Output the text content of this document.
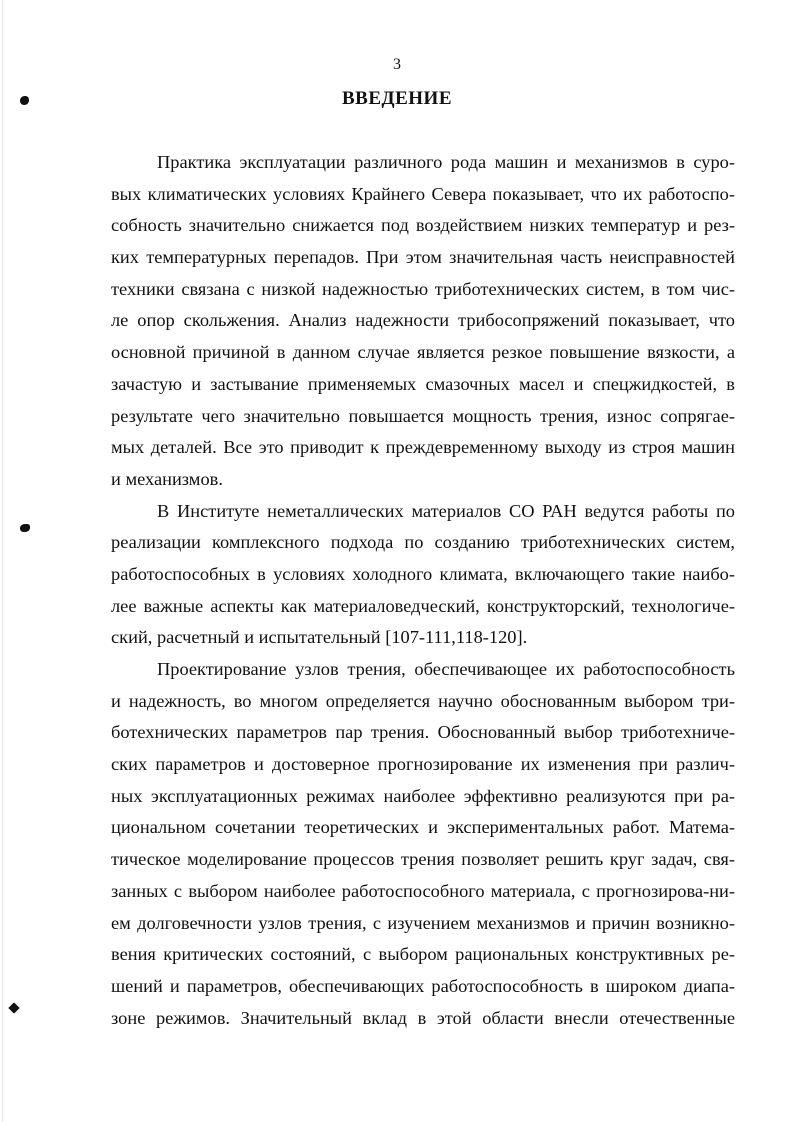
3
ВВЕДЕНИЕ
Практика эксплуатации различного рода машин и механизмов в суро-
вых климатических условиях Крайнего Севера показывает, что их работоспо-
собность значительно снижается под воздействием низких температур и рез-
ких температурных перепадов. При этом значительная часть неисправностей
техники связана с низкой надежностью триботехнических систем, в том чис-
ле опор скольжения. Анализ надежности трибосопряжений показывает, что
основной причиной в данном случае является резкое повышение вязкости, а
зачастую и застывание применяемых смазочных масел и спецжидкостей, в
результате чего значительно повышается мощность трения, износ сопрягае-
мых деталей. Все это приводит к преждевременному выходу из строя машин
и механизмов.
В Институте неметаллических материалов СО РАН ведутся работы по
реализации комплексного подхода по созданию триботехнических систем,
работоспособных в условиях холодного климата, включающего такие наибо-
лее важные аспекты как материаловедческий, конструкторский, технологиче-
ский, расчетный и испытательный [107-111,118-120].
Проектирование узлов трения, обеспечивающее их работоспособность
и надежность, во многом определяется научно обоснованным выбором три-
ботехнических параметров пар трения. Обоснованный выбор триботехниче-
ских параметров и достоверное прогнозирование их изменения при различ-
ных эксплуатационных режимах наиболее эффективно реализуются при ра-
циональном сочетании теоретических и экспериментальных работ. Матема-
тическое моделирование процессов трения позволяет решить круг задач, свя-
занных с выбором наиболее работоспособного материала, с прогнозирова-ни-
ем долговечности узлов трения, с изучением механизмов и причин возникно-
вения критических состояний, с выбором рациональных конструктивных ре-
шений и параметров, обеспечивающих работоспособность в широком диапа-
зоне режимов. Значительный вклад в этой области внесли отечественные
